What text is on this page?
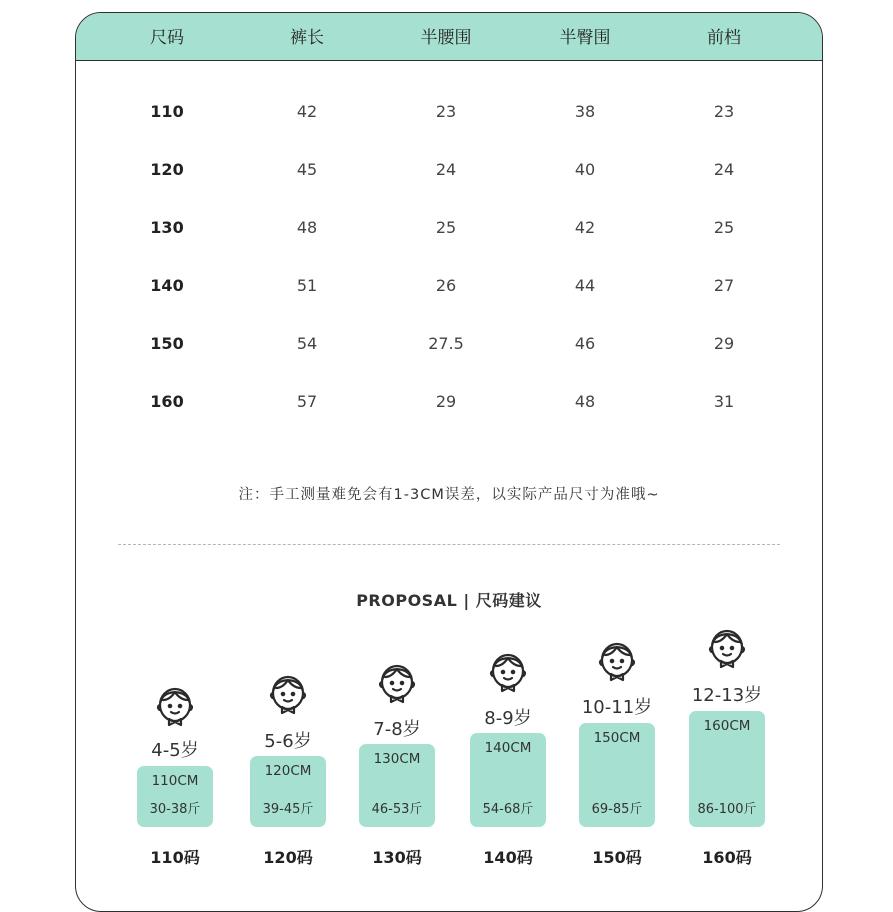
尺码	裤长	半腰围	半臀围	前档
110	42	23	38	23
120	45	24	40	24
130	48	25	42	25
140	51	26	44	27
150	54	27.5	46	29
160	57	29	48	31
注：手工测量难免会有1-3CM误差，以实际产品尺寸为准哦~
PROPOSAL | 尺码建议
4-5岁
110CM
30-38斤
110码
5-6岁
120CM
39-45斤
120码
7-8岁
130CM
46-53斤
130码
8-9岁
140CM
54-68斤
140码
10-11岁
150CM
69-85斤
150码
12-13岁
160CM
86-100斤
160码
